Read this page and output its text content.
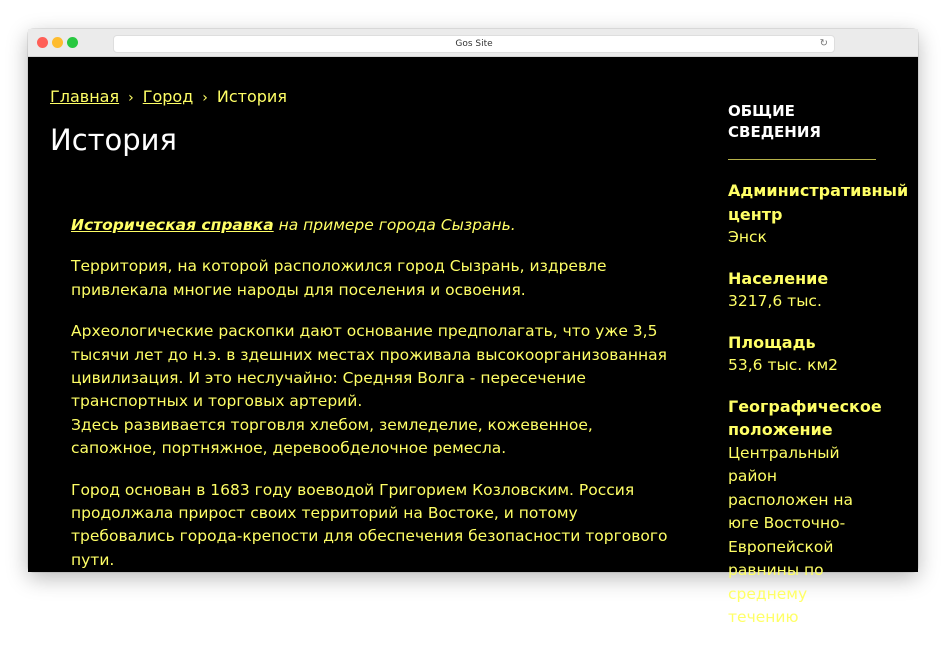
Gos Site	↻
Главная › Город › История
История

Историческая справка на примере города Сызрань.

Территория, на которой расположился город Сызрань, издревле привлекала многие народы для поселения и освоения.

Археологические раскопки дают основание предполагать, что уже 3,5 тысячи лет до н.э. в здешних местах проживала высокоорганизованная цивилизация. И это неслучайно: Средняя Волга - пересечение транспортных и торговых артерий.
Здесь развивается торговля хлебом, земледелие, кожевенное, сапожное, портняжное, деревообделочное ремесла.

Город основан в 1683 году воеводой Григорием Козловским. Россия продолжала прирост своих территорий на Востоке, и потому требовались города-крепости для обеспечения безопасности торгового пути.

ОБЩИЕ СВЕДЕНИЯ
Административный центр
Энск
Население
3217,6 тыс.
Площадь
53,6 тыс. км2
Географическое положение
Центральный район расположен на юге Восточно-Европейской равнины по среднему течению
